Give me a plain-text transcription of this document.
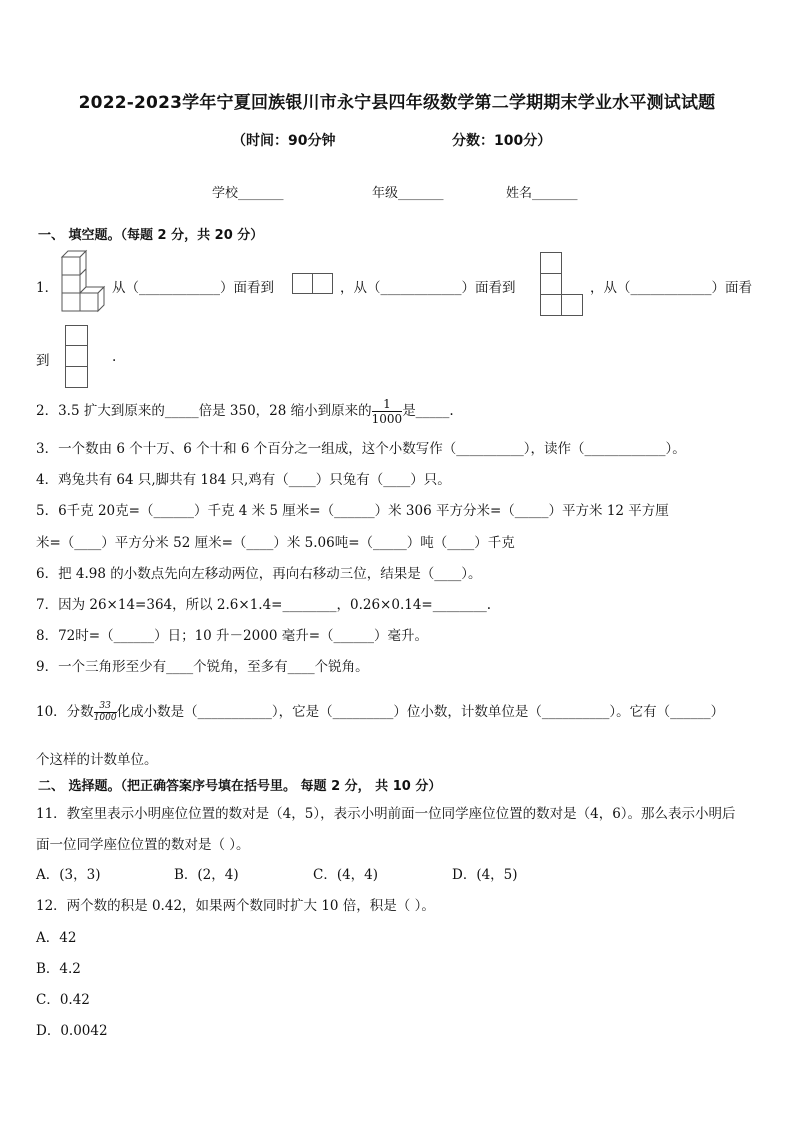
2022-2023学年宁夏回族银川市永宁县四年级数学第二学期期末学业水平测试试题
（时间：90分钟	分数：100分）
学校_______	年级_______	姓名_______
一、 填空题。（每题 2 分，共 20 分）
1．	从（____________）面看到	，从（____________）面看到	，从（____________）面看
到	.
2．3.5 扩大到原来的_____倍是 350，28 缩小到原来的 $\frac{1}{1000}$ 是_____.
3．一个数由 6 个十万、6 个十和 6 个百分之一组成，这个小数写作（__________），读作（____________）。
4．鸡兔共有 64 只,脚共有 184 只,鸡有（____）只兔有（____）只。
5．6千克 20克=（______）千克 4 米 5 厘米=（______）米 306 平方分米=（_____）平方米 12 平方厘
米=（____）平方分米 52 厘米=（____）米 5.06吨=（_____）吨（____）千克
6．把 4.98 的小数点先向左移动两位，再向右移动三位，结果是（____）。
7．因为 26×14=364，所以 2.6×1.4=________，0.26×0.14=________.
8．72时=（______）日；10 升－2000 毫升=（______）毫升。
9．一个三角形至少有____个锐角，至多有____个锐角。
10．分数 $\frac{33}{1000}$ 化成小数是（___________），它是（_________）位小数，计数单位是（__________）。它有（______）
个这样的计数单位。
二、 选择题。（把正确答案序号填在括号里。 每题 2 分， 共 10 分）
11．教室里表示小明座位位置的数对是（4，5），表示小明前面一位同学座位位置的数对是（4，6）。那么表示小明后
面一位同学座位位置的数对是（ ）。
A．(3，3)	B．(2，4)	C．(4，4)	D．(4，5)
12．两个数的积是 0.42，如果两个数同时扩大 10 倍，积是（ ）。
A．42
B．4.2
C．0.42
D．0.0042
